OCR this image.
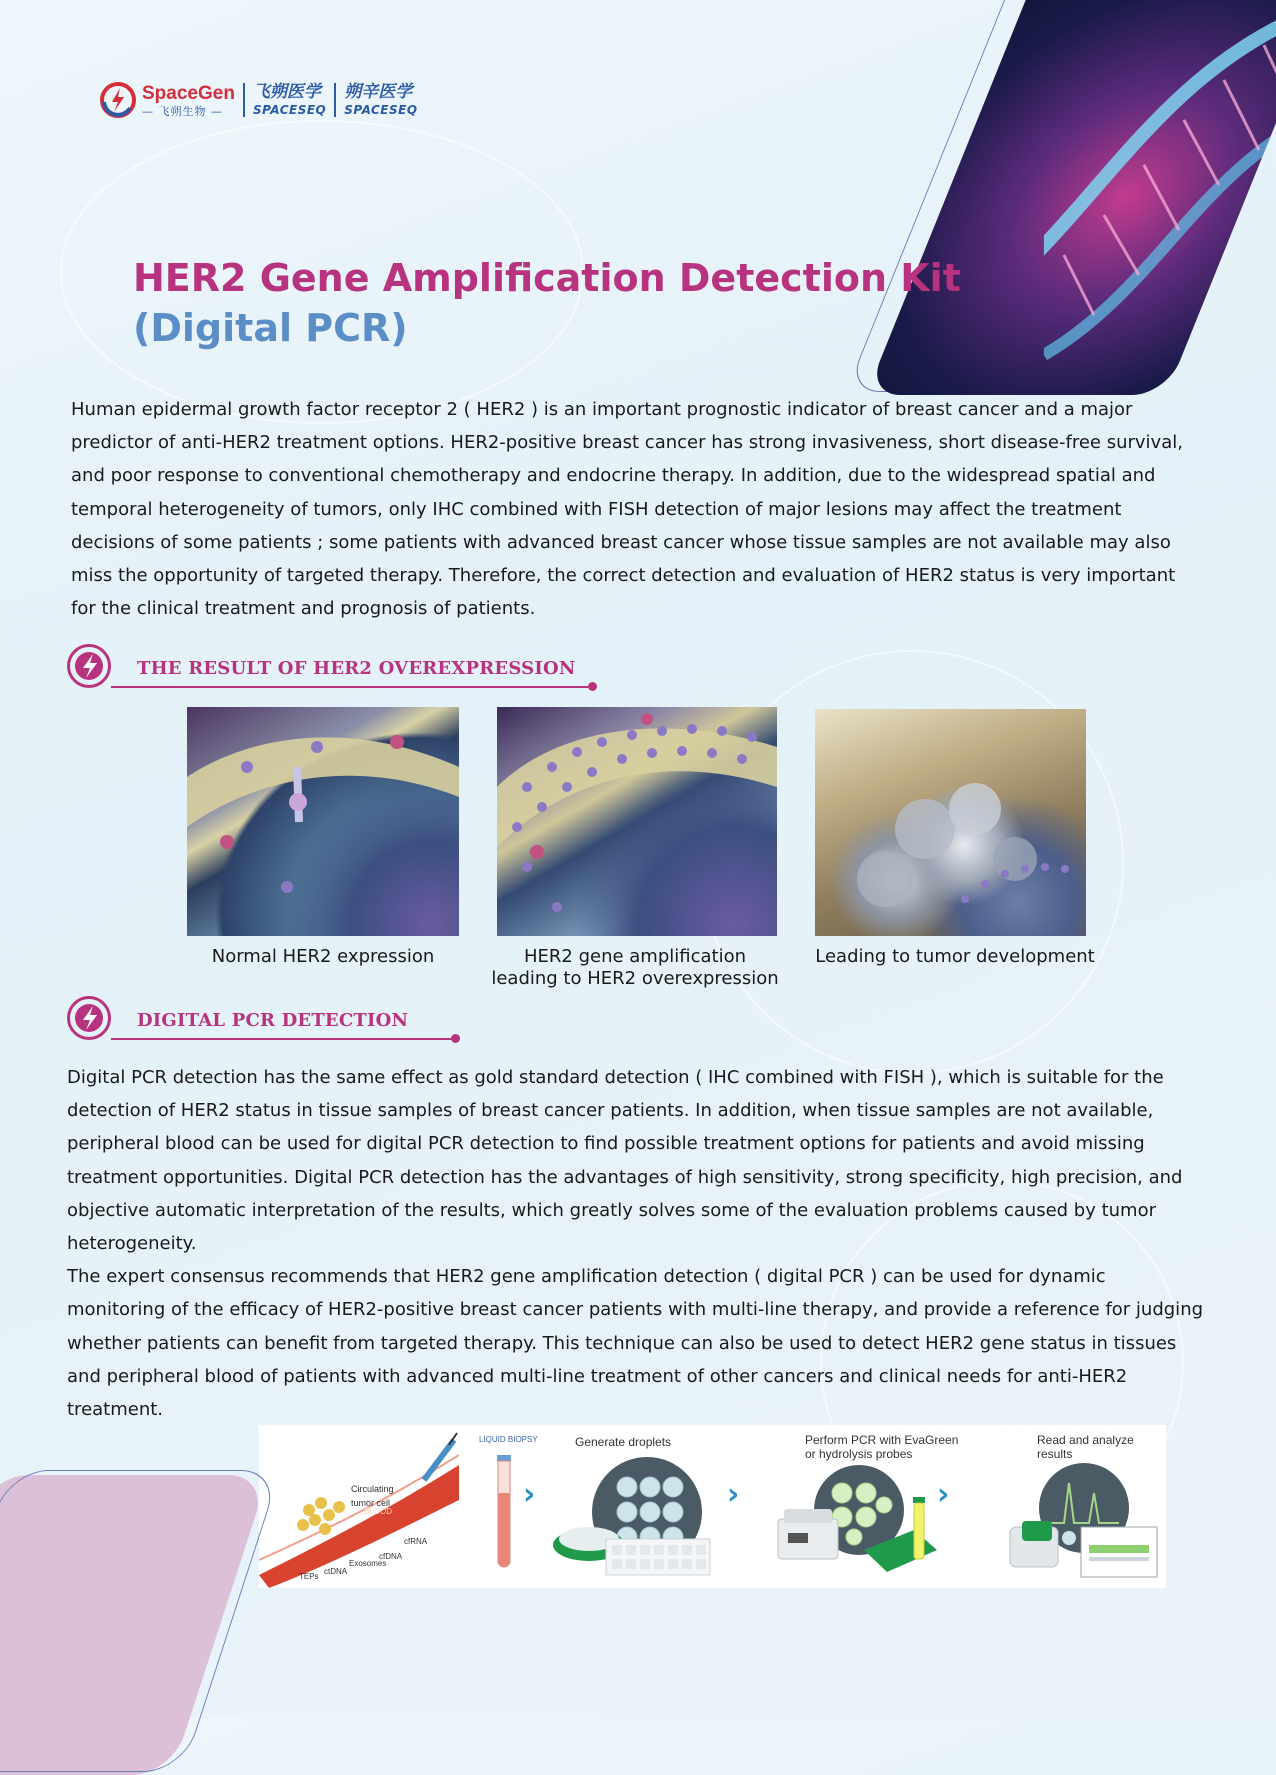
SpaceGen
— 飞朔生物 —
飞朔医学
SPACESEQ
朔辛医学
SPACESEQ
HER2 Gene Amplification Detection Kit
(Digital PCR)

Human epidermal growth factor receptor 2 ( HER2 ) is an important prognostic indicator of breast cancer and a major predictor of anti-HER2 treatment options. HER2-positive breast cancer has strong invasiveness, short disease-free survival, and poor response to conventional chemotherapy and endocrine therapy. In addition, due to the widespread spatial and temporal heterogeneity of tumors, only IHC combined with FISH detection of major lesions may affect the treatment decisions of some patients ; some patients with advanced breast cancer whose tissue samples are not available may also miss the opportunity of targeted therapy. Therefore, the correct detection and evaluation of HER2 status is very important for the clinical treatment and prognosis of patients.

THE RESULT OF HER2 OVEREXPRESSION
Normal HER2 expression	HER2 gene amplification
leading to HER2 overexpression
Leading to tumor development
DIGITAL PCR DETECTION

Digital PCR detection has the same effect as gold standard detection ( IHC combined with FISH ), which is suitable for the detection of HER2 status in tissue samples of breast cancer patients. In addition, when tissue samples are not available, peripheral blood can be used for digital PCR detection to find possible treatment options for patients and avoid missing treatment opportunities. Digital PCR detection has the advantages of high sensitivity, strong specificity, high precision, and objective automatic interpretation of the results, which greatly solves some of the evaluation problems caused by tumor heterogeneity.

The expert consensus recommends that HER2 gene amplification detection ( digital PCR ) can be used for dynamic monitoring of the efficacy of HER2-positive breast cancer patients with multi-line therapy, and provide a reference for judging whether patients can benefit from targeted therapy. This technique can also be used to detect HER2 gene status in tissues and peripheral blood of patients with advanced multi-line treatment of other cancers and clinical needs for anti-HER2 treatment.

Circulating
tumor cell
TEPs
ctDNA
Exosomes
cfDNA
cfRNA
BLOOD
LIQUID BIOPSY
›
Generate droplets
›
Perform PCR with EvaGreen
or hydrolysis probes
›
Read and analyze
results
